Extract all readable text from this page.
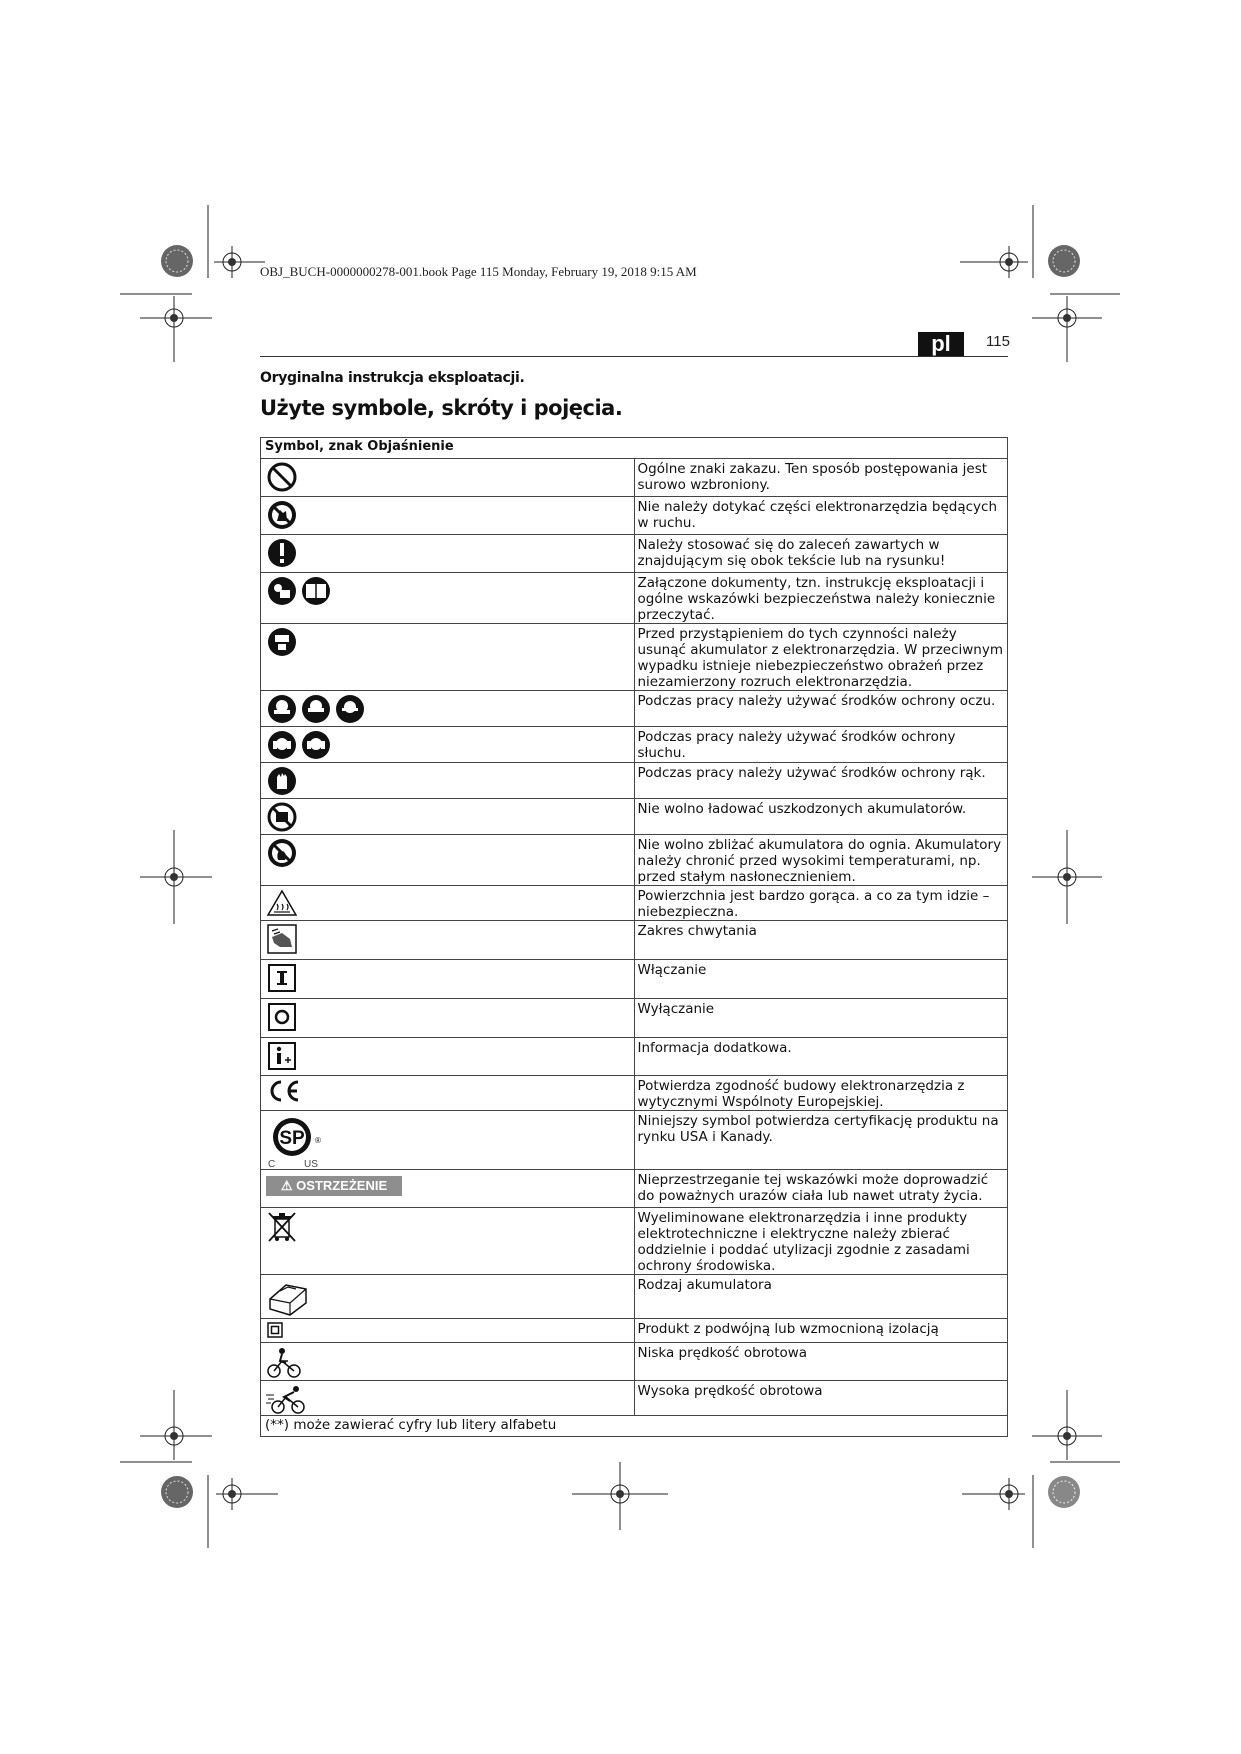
OBJ_BUCH-0000000278-001.book Page 115 Monday, February 19, 2018 9:15 AM
pl	115
Oryginalna instrukcja eksploatacji.
Użyte symbole, skróty i pojęcia.
Symbol, znak Objaśnienie	

	Ogólne znaki zakazu. Ten sposób postępowania jest surowo wzbroniony.

	Nie należy dotykać części elektronarzędzia będących w ruchu.

	Należy stosować się do zaleceń zawartych w znajdującym się obok tekście lub na rysunku!

	Załączone dokumenty, tzn. instrukcję eksploatacji i ogólne wskazówki bezpieczeństwa należy koniecznie przeczytać.

	Przed przystąpieniem do tych czynności należy usunąć akumulator z elektronarzędzia. W przeciwnym wypadku istnieje niebezpieczeństwo obrażeń przez niezamierzony rozruch elektronarzędzia.

	Podczas pracy należy używać środków ochrony oczu.

	Podczas pracy należy używać środków ochrony słuchu.

	Podczas pracy należy używać środków ochrony rąk.

	Nie wolno ładować uszkodzonych akumulatorów.

	Nie wolno zbliżać akumulatora do ognia. Akumulatory należy chronić przed wysokimi temperaturami, np. przed stałym nasłonecznieniem.

	Powierzchnia jest bardzo gorąca. a co za tym idzie – niebezpieczna.

	Zakres chwytania

	Włączanie

	Wyłączanie

	Informacja dodatkowa.

	Potwierdza zgodność budowy elektronarzędzia z wytycznymi Wspólnoty Europejskiej.

SP ®
C US	Niniejszy symbol potwierdza certyfikację produktu na rynku USA i Kanady.
⚠ OSTRZEŻENIE	Nieprzestrzeganie tej wskazówki może doprowadzić do poważnych urazów ciała lub nawet utraty życia.

	Wyeliminowane elektronarzędzia i inne produkty elektrotechniczne i elektryczne należy zbierać oddzielnie i poddać utylizacji zgodnie z zasadami ochrony środowiska.

	Rodzaj akumulatora

	Produkt z podwójną lub wzmocnioną izolacją

	Niska prędkość obrotowa

	Wysoka prędkość obrotowa
(**) może zawierać cyfry lub litery alfabetu	
